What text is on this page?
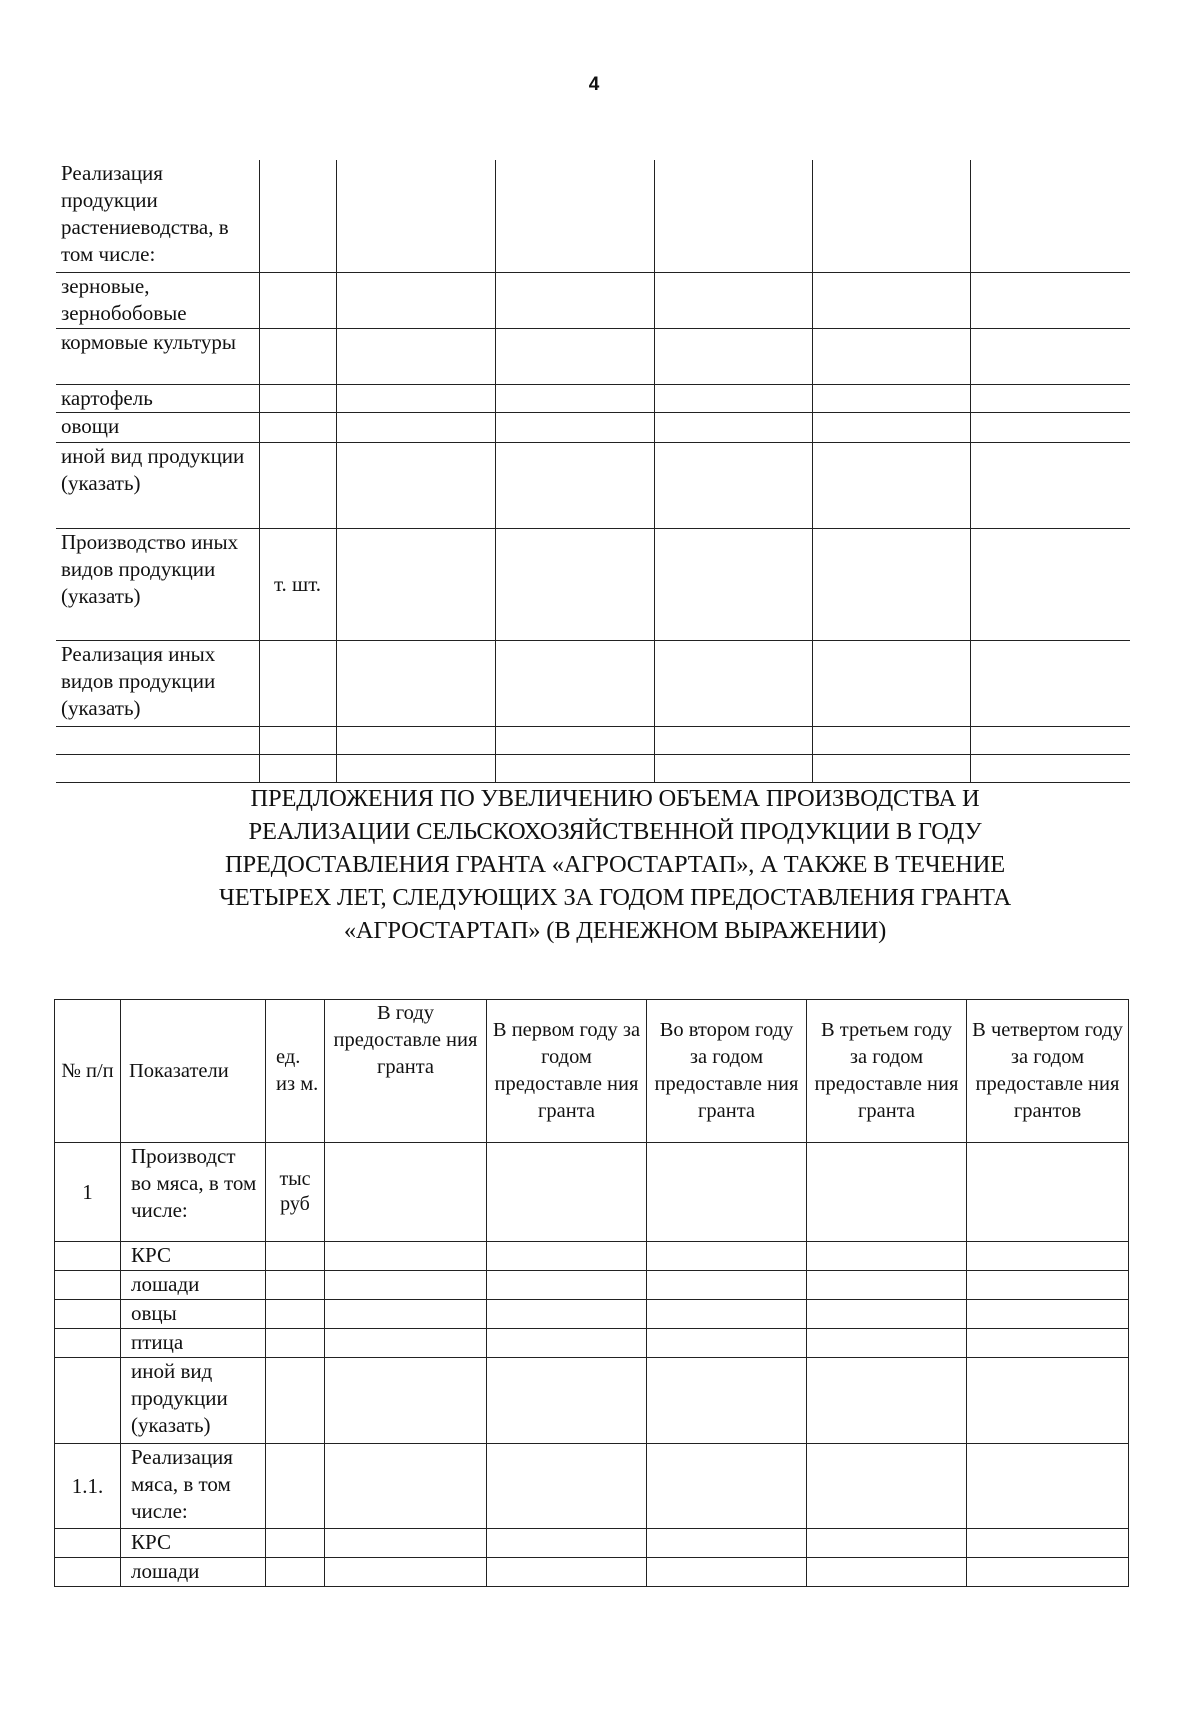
4
Реализация продукции растениеводства, в том числе:						
зерновые, зернобобовые						
кормовые культуры						
картофель						
овощи						
иной вид продукции (указать)						
Производство иных видов продукции (указать)	т. шт.					
Реализация иных видов продукции (указать)						

ПРЕДЛОЖЕНИЯ ПО УВЕЛИЧЕНИЮ ОБЪЕМА ПРОИЗВОДСТВА И
РЕАЛИЗАЦИИ СЕЛЬСКОХОЗЯЙСТВЕННОЙ ПРОДУКЦИИ В ГОДУ
ПРЕДОСТАВЛЕНИЯ ГРАНТА «АГРОСТАРТАП», А ТАКЖЕ В ТЕЧЕНИЕ
ЧЕТЫРЕХ ЛЕТ, СЛЕДУЮЩИХ ЗА ГОДОМ ПРЕДОСТАВЛЕНИЯ ГРАНТА
«АГРОСТАРТАП» (В ДЕНЕЖНОМ ВЫРАЖЕНИИ)
№ п/п	Показатели	ед. из м.	В году предоставле ния гранта	В первом году за годом предоставле ния гранта	Во втором году за годом предоставле ния гранта	В третьем году за годом предоставле ния гранта	В четвертом году за годом предоставле ния грантов
1	Производст во мяса, в том числе:	тыс руб					
	КРС						
	лошади						
	овцы						
	птица						
	иной вид продукции (указать)						
1.1.	Реализация мяса, в том числе:						
	КРС						
	лошади						
